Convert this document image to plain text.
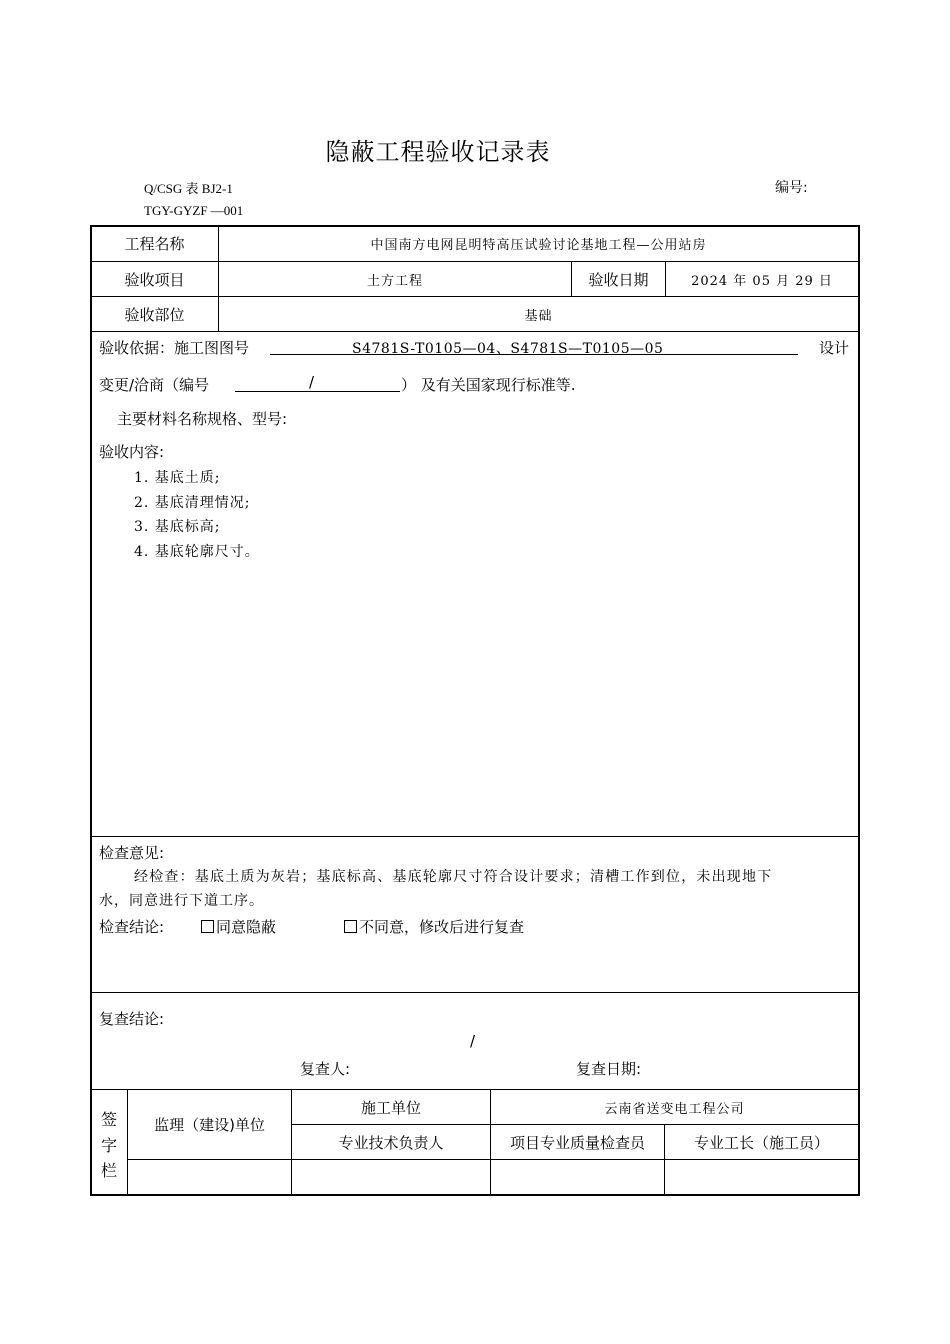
隐蔽工程验收记录表
Q/CSG 表 BJ2-1
TGY-GYZF —001
编号:
工程名称	中国南方电网昆明特高压试验讨论基地工程—公用站房
验收项目	土方工程	验收日期	2024 年 05 月 29 日
验收部位	基础
验收依据：施工图图号	S4781S-T0105—04、S4781S—T0105—05	设计
变更/洽商（编号	/	） 及有关国家现行标准等.
主要材料名称规格、型号:
验收内容:
1. 基底土质;
2. 基底清理情况;
3. 基底标高;
4. 基底轮廓尺寸。
检查意见:
经检查：基底土质为灰岩；基底标高、基底轮廓尺寸符合设计要求；清槽工作到位，未出现地下
水，同意进行下道工序。
检查结论:	同意隐蔽	不同意，修改后进行复查
复查结论:
/
复查人:	复查日期:
签
字
栏
监理（建设)单位
施工单位	云南省送变电工程公司
专业技术负责人	项目专业质量检查员	专业工长（施工员）
